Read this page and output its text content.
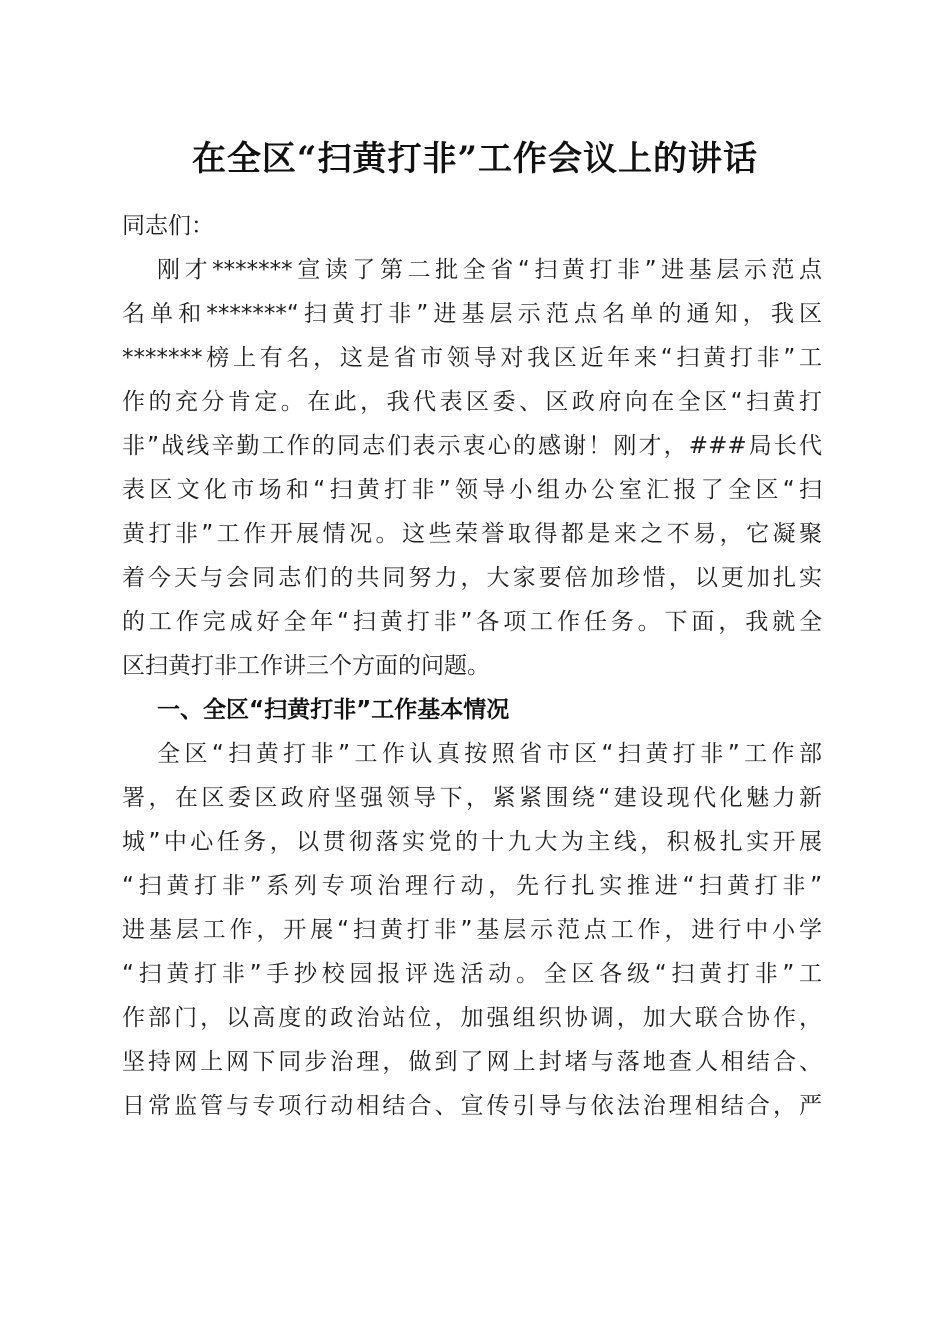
在全区“扫黄打非”工作会议上的讲话
同志们：
刚才*******宣读了第二批全省“扫黄打非”进基层示范点
名单和*******“扫黄打非”进基层示范点名单的通知，我区
*******榜上有名，这是省市领导对我区近年来“扫黄打非”工
作的充分肯定。在此，我代表区委、区政府向在全区“扫黄打
非”战线辛勤工作的同志们表示衷心的感谢！刚才，###局长代
表区文化市场和“扫黄打非”领导小组办公室汇报了全区“扫
黄打非”工作开展情况。这些荣誉取得都是来之不易，它凝聚
着今天与会同志们的共同努力，大家要倍加珍惜，以更加扎实
的工作完成好全年“扫黄打非”各项工作任务。下面，我就全
区扫黄打非工作讲三个方面的问题。
一、全区“扫黄打非”工作基本情况
全区“扫黄打非”工作认真按照省市区“扫黄打非”工作部
署，在区委区政府坚强领导下，紧紧围绕“建设现代化魅力新
城”中心任务，以贯彻落实党的十九大为主线，积极扎实开展
“扫黄打非”系列专项治理行动，先行扎实推进“扫黄打非”
进基层工作，开展“扫黄打非”基层示范点工作，进行中小学
“扫黄打非”手抄校园报评选活动。全区各级“扫黄打非”工
作部门，以高度的政治站位，加强组织协调，加大联合协作，
坚持网上网下同步治理，做到了网上封堵与落地查人相结合、
日常监管与专项行动相结合、宣传引导与依法治理相结合，严
